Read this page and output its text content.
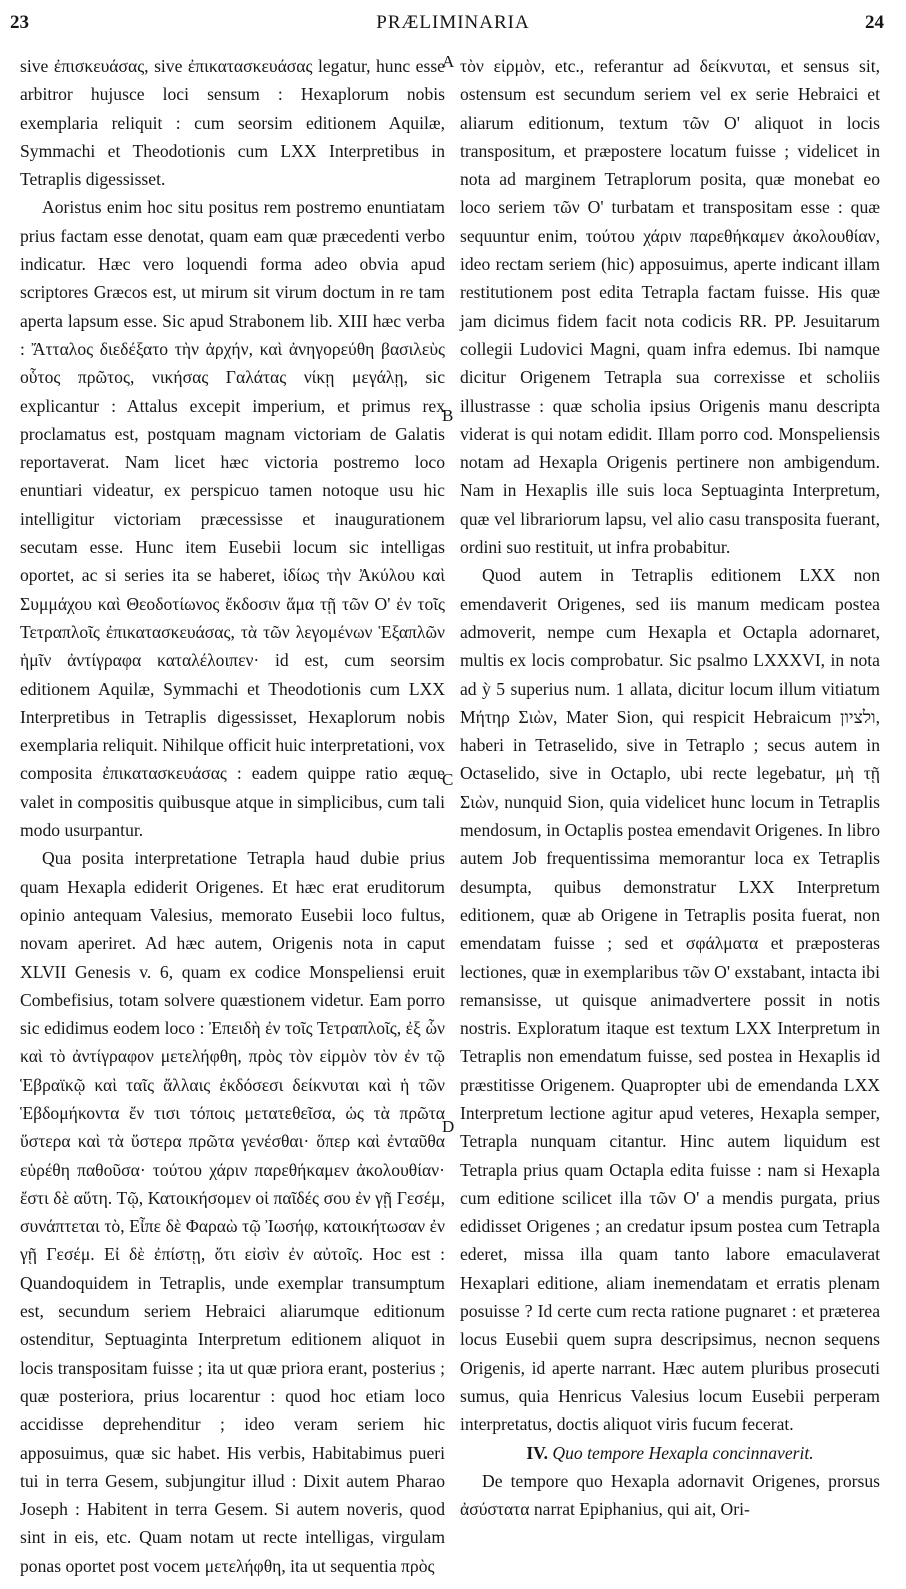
23	PRÆLIMINARIA	24
A
B
C
D

sive ἐπισκευάσας, sive ἐπικατασκευάσας legatur, hunc esse arbitror hujusce loci sensum : Hexaplorum nobis exemplaria reliquit : cum seorsim editionem Aquilæ, Symmachi et Theodotionis cum LXX Interpretibus in Tetraplis digessisset.

Aoristus enim hoc situ positus rem postremo enuntiatam prius factam esse denotat, quam eam quæ præcedenti verbo indicatur. Hæc vero loquendi forma adeo obvia apud scriptores Græcos est, ut mirum sit virum doctum in re tam aperta lapsum esse. Sic apud Strabonem lib. XIII hæc verba : Ἄτταλος διεδέξατο τὴν ἀρχήν, καὶ ἀνηγορεύθη βασιλεὺς οὗτος πρῶτος, νικήσας Γαλάτας νίκῃ μεγάλῃ, sic explicantur : Attalus excepit imperium, et primus rex proclamatus est, postquam magnam victoriam de Galatis reportaverat. Nam licet hæc victoria postremo loco enuntiari videatur, ex perspicuo tamen notoque usu hic intelligitur victoriam præcessisse et inaugurationem secutam esse. Hunc item Eusebii locum sic intelligas oportet, ac si series ita se haberet, ἰδίως τὴν Ἀκύλου καὶ Συμμάχου καὶ Θεοδοτίωνος ἔκδοσιν ἅμα τῇ τῶν Ο' ἐν τοῖς Τετραπλοῖς ἐπικατασκευάσας, τὰ τῶν λεγομένων Ἑξαπλῶν ἡμῖν ἀντίγραφα καταλέλοιπεν· id est, cum seorsim editionem Aquilæ, Symmachi et Theodotionis cum LXX Interpretibus in Tetraplis digessisset, Hexaplorum nobis exemplaria reliquit. Nihilque officit huic interpretationi, vox composita ἐπικατασκευάσας : eadem quippe ratio æque valet in compositis quibusque atque in simplicibus, cum tali modo usurpantur.

Qua posita interpretatione Tetrapla haud dubie prius quam Hexapla ediderit Origenes. Et hæc erat eruditorum opinio antequam Valesius, memorato Eusebii loco fultus, novam aperiret. Ad hæc autem, Origenis nota in caput XLVII Genesis v. 6, quam ex codice Monspeliensi eruit Combefisius, totam solvere quæstionem videtur. Eam porro sic edidimus eodem loco : Ἐπειδὴ ἐν τοῖς Τετραπλοῖς, ἐξ ὧν καὶ τὸ ἀντίγραφον μετελήφθη, πρὸς τὸν εἱρμὸν τὸν ἐν τῷ Ἑβραϊκῷ καὶ ταῖς ἄλλαις ἐκδόσεσι δείκνυται καὶ ἡ τῶν Ἑβδομήκοντα ἔν τισι τόποις μετατεθεῖσα, ὡς τὰ πρῶτα ὕστερα καὶ τὰ ὕστερα πρῶτα γενέσθαι· ὅπερ καὶ ἐνταῦθα εὑρέθη παθοῦσα· τούτου χάριν παρεθήκαμεν ἀκολουθίαν· ἔστι δὲ αὕτη. Τῷ, Κατοικήσομεν οἱ παῖδές σου ἐν γῇ Γεσέμ, συνάπτεται τὸ, Εἶπε δὲ Φαραὼ τῷ Ἰωσήφ, κατοικήτωσαν ἐν γῇ Γεσέμ. Εἰ δὲ ἐπίστῃ, ὅτι εἰσὶν ἐν αὐτοῖς. Hoc est : Quandoquidem in Tetraplis, unde exemplar transumptum est, secundum seriem Hebraici aliarumque editionum ostenditur, Septuaginta Interpretum editionem aliquot in locis transpositam fuisse ; ita ut quæ priora erant, posterius ; quæ posteriora, prius locarentur : quod hoc etiam loco accidisse deprehenditur ; ideo veram seriem hic apposuimus, quæ sic habet. His verbis, Habitabimus pueri tui in terra Gesem, subjungitur illud : Dixit autem Pharao Joseph : Habitent in terra Gesem. Si autem noveris, quod sint in eis, etc. Quam notam ut recte intelligas, virgulam ponas oportet post vocem μετελήφθη, ita ut sequentia πρὸς

τὸν εἱρμὸν, etc., referantur ad δείκνυται, et sensus sit, ostensum est secundum seriem vel ex serie Hebraici et aliarum editionum, textum τῶν Ο' aliquot in locis transpositum, et præpostere locatum fuisse ; videlicet in nota ad marginem Tetraplorum posita, quæ monebat eo loco seriem τῶν Ο' turbatam et transpositam esse : quæ sequuntur enim, τούτου χάριν παρεθήκαμεν ἀκολουθίαν, ideo rectam seriem (hic) apposuimus, aperte indicant illam restitutionem post edita Tetrapla factam fuisse. His quæ jam dicimus fidem facit nota codicis RR. PP. Jesuitarum collegii Ludovici Magni, quam infra edemus. Ibi namque dicitur Origenem Tetrapla sua correxisse et scholiis illustrasse : quæ scholia ipsius Origenis manu descripta viderat is qui notam edidit. Illam porro cod. Monspeliensis notam ad Hexapla Origenis pertinere non ambigendum. Nam in Hexaplis ille suis loca Septuaginta Interpretum, quæ vel librariorum lapsu, vel alio casu transposita fuerant, ordini suo restituit, ut infra probabitur.

Quod autem in Tetraplis editionem LXX non emendaverit Origenes, sed iis manum medicam postea admoverit, nempe cum Hexapla et Octapla adornaret, multis ex locis comprobatur. Sic psalmo LXXXVI, in nota ad ỳ 5 superius num. 1 allata, dicitur locum illum vitiatum Μήτηρ Σιὼν, Mater Sion, qui respicit Hebraicum ולציון, haberi in Tetraselido, sive in Tetraplo ; secus autem in Octaselido, sive in Octaplo, ubi recte legebatur, μὴ τῇ Σιὼν, nunquid Sion, quia videlicet hunc locum in Tetraplis mendosum, in Octaplis postea emendavit Origenes. In libro autem Job frequentissima memorantur loca ex Tetraplis desumpta, quibus demonstratur LXX Interpretum editionem, quæ ab Origene in Tetraplis posita fuerat, non emendatam fuisse ; sed et σφάλματα et præposteras lectiones, quæ in exemplaribus τῶν Ο' exstabant, intacta ibi remansisse, ut quisque animadvertere possit in notis nostris. Exploratum itaque est textum LXX Interpretum in Tetraplis non emendatum fuisse, sed postea in Hexaplis id præstitisse Origenem. Quapropter ubi de emendanda LXX Interpretum lectione agitur apud veteres, Hexapla semper, Tetrapla nunquam citantur. Hinc autem liquidum est Tetrapla prius quam Octapla edita fuisse : nam si Hexapla cum editione scilicet illa τῶν Ο' a mendis purgata, prius edidisset Origenes ; an credatur ipsum postea cum Tetrapla ederet, missa illa quam tanto labore emaculaverat Hexaplari editione, aliam inemendatam et erratis plenam posuisse ? Id certe cum recta ratione pugnaret : et præterea locus Eusebii quem supra descripsimus, necnon sequens Origenis, id aperte narrant. Hæc autem pluribus prosecuti sumus, quia Henricus Valesius locum Eusebii perperam interpretatus, doctis aliquot viris fucum fecerat.

IV. Quo tempore Hexapla concinnaverit.

De tempore quo Hexapla adornavit Origenes, prorsus ἀσύστατα narrat Epiphanius, qui ait, Ori-
